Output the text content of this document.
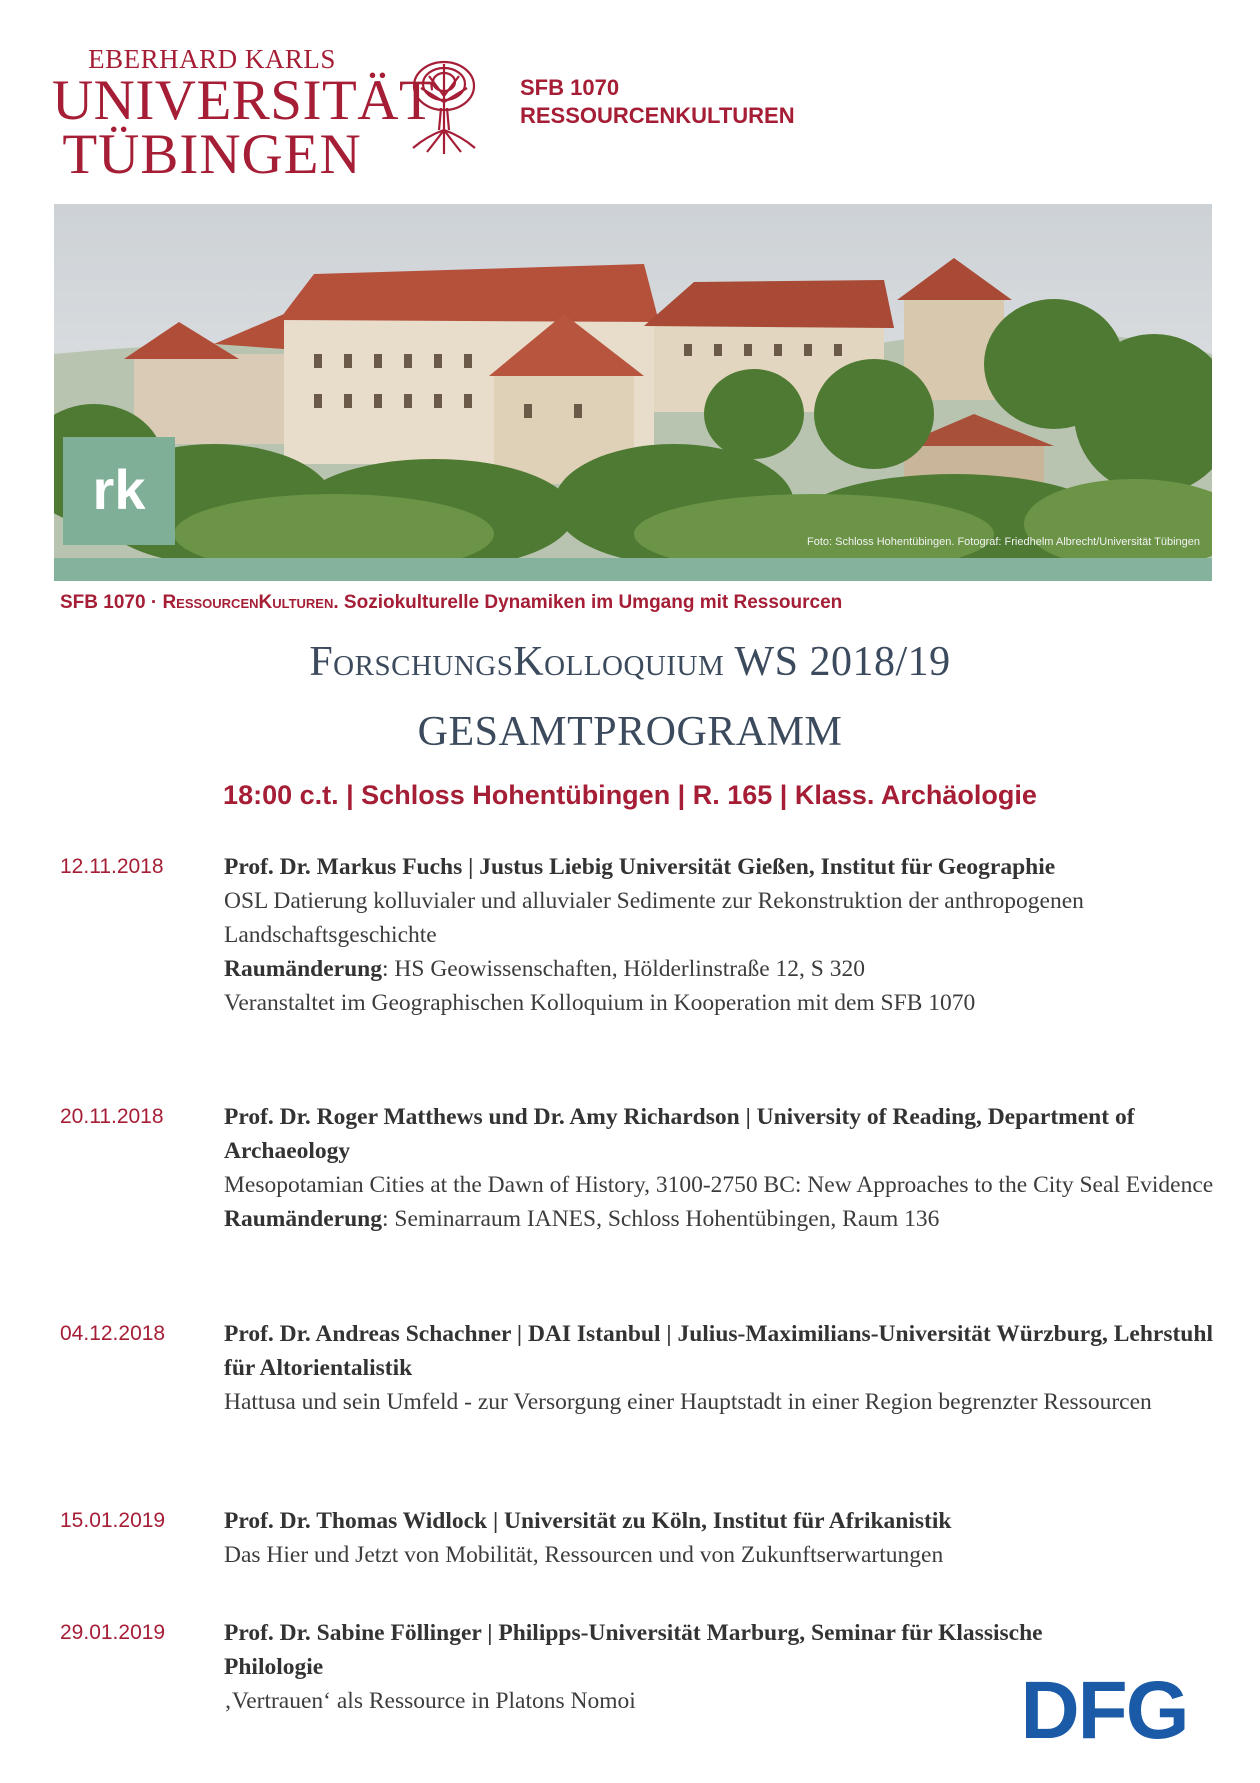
EBERHARD KARLS
UNIVERSITÄT
TÜBINGEN
SFB 1070
RESSOURCENKULTUREN
rk
Foto: Schloss Hohentübingen. Fotograf: Friedhelm Albrecht/Universität Tübingen
SFB 1070 · RessourcenKulturen. Soziokulturelle Dynamiken im Umgang mit Ressourcen
ForschungsKolloquium WS 2018/19
GESAMTPROGRAMM
18:00 c.t. | Schloss Hohentübingen | R. 165 | Klass. Archäologie
12.11.2018	Prof. Dr. Markus Fuchs | Justus Liebig Universität Gießen, Institut für Geographie

OSL Datierung kolluvialer und alluvialer Sedimente zur Rekonstruktion der anthropogenen Landschaftsgeschichte

Raumänderung: HS Geowissenschaften, Hölderlinstraße 12, S 320

Veranstaltet im Geographischen Kolloquium in Kooperation mit dem SFB 1070

20.11.2018	Prof. Dr. Roger Matthews und Dr. Amy Richardson | University of Reading, Department of Archaeology

Mesopotamian Cities at the Dawn of History, 3100-2750 BC: New Approaches to the City Seal Evidence

Raumänderung: Seminarraum IANES, Schloss Hohentübingen, Raum 136

04.12.2018	Prof. Dr. Andreas Schachner | DAI Istanbul | Julius-Maximilians-Universität Würzburg, Lehrstuhl für Altorientalistik

Hattusa und sein Umfeld - zur Versorgung einer Hauptstadt in einer Region begrenzter Ressourcen

15.01.2019	Prof. Dr. Thomas Widlock | Universität zu Köln, Institut für Afrikanistik

Das Hier und Jetzt von Mobilität, Ressourcen und von Zukunftserwartungen

29.01.2019	Prof. Dr. Sabine Föllinger | Philipps-Universität Marburg, Seminar für Klassische Philologie

‚Vertrauen‘ als Ressource in Platons Nomoi	DFG
